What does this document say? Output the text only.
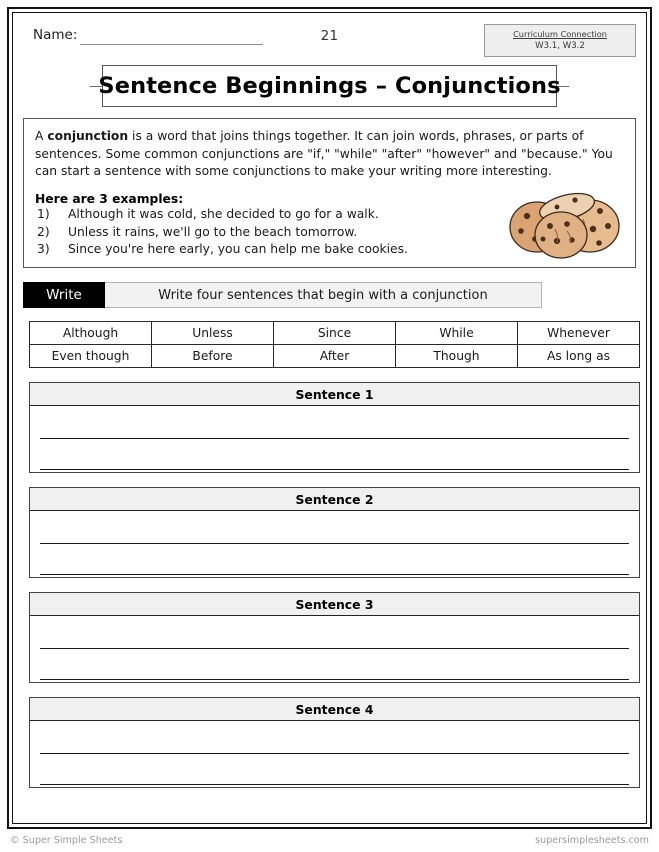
Name:	21	Curriculum Connection
W3.1, W3.2
Sentence Beginnings – Conjunctions

A conjunction is a word that joins things together. It can join words, phrases, or parts of sentences. Some common conjunctions are "if," "while" "after" "however" and "because." You can start a sentence with some conjunctions to make your writing more interesting.

Here are 3 examples:
1)	Although it was cold, she decided to go for a walk.
2)	Unless it rains, we'll go to the beach tomorrow.
3)	Since you're here early, you can help me bake cookies.
Write	Write four sentences that begin with a conjunction
Although	Unless	Since	While	Whenever
Even though	Before	After	Though	As long as
Sentence 1
Sentence 2
Sentence 3
Sentence 4
© Super Simple Sheets	supersimplesheets.com
